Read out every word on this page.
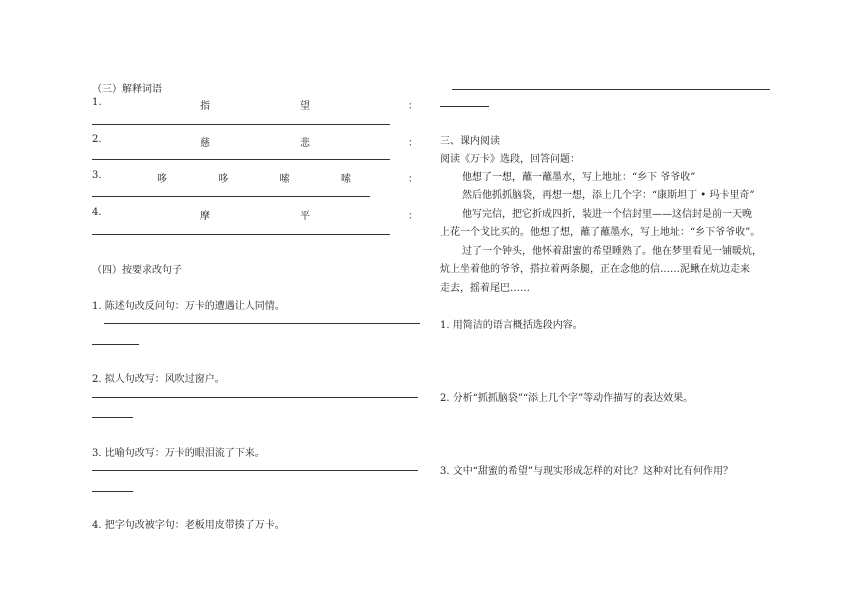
（三）解释词语
1.	指	望	：
2.	慈	悲	：
3.	哆	哆	嗦	嗦	：
4.	摩	平	：
（四）按要求改句子
1. 陈述句改反问句：万卡的遭遇让人同情。
2. 拟人句改写：风吹过窗户。
3. 比喻句改写：万卡的眼泪流了下来。
4. 把字句改被字句：老板用皮带揍了万卡。
三、课内阅读
阅读《万卡》选段，回答问题：
他想了一想，蘸一蘸墨水，写上地址：“乡下 爷爷收”
然后他抓抓脑袋，再想一想，添上几个字：“康斯坦丁 • 玛卡里奇”
他写完信，把它折成四折，装进一个信封里——这信封是前一天晚
上花一个戈比买的。他想了想，蘸了蘸墨水，写上地址：“乡下爷爷收”。
过了一个钟头，他怀着甜蜜的希望睡熟了。他在梦里看见一铺暖炕，
炕上坐着他的爷爷，搭拉着两条腿，正在念他的信……泥鳅在炕边走来
走去，摇着尾巴……
1. 用简洁的语言概括选段内容。
2. 分析“抓抓脑袋”“添上几个字”等动作描写的表达效果。
3. 文中“甜蜜的希望”与现实形成怎样的对比？这种对比有何作用？
